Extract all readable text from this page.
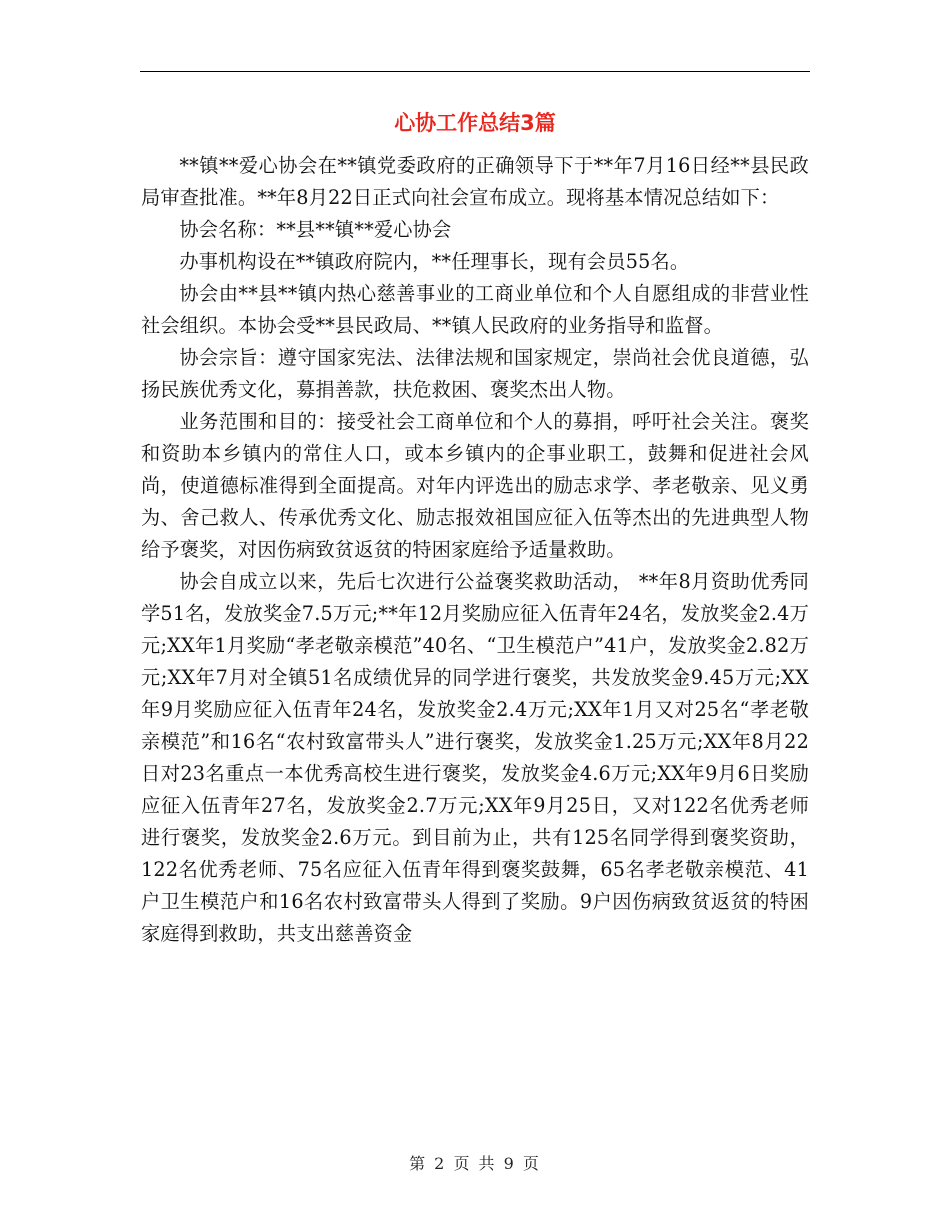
心协工作总结3篇

**镇**爱心协会在**镇党委政府的正确领导下于**年7月16日经**县民政局审查批准。**年8月22日正式向社会宣布成立。现将基本情况总结如下：

协会名称：**县**镇**爱心协会

办事机构设在**镇政府院内，**任理事长，现有会员55名。

协会由**县**镇内热心慈善事业的工商业单位和个人自愿组成的非营业性社会组织。本协会受**县民政局、**镇人民政府的业务指导和监督。

协会宗旨：遵守国家宪法、法律法规和国家规定，崇尚社会优良道德，弘扬民族优秀文化，募捐善款，扶危救困、褒奖杰出人物。

业务范围和目的：接受社会工商单位和个人的募捐，呼吁社会关注。褒奖和资助本乡镇内的常住人口，或本乡镇内的企事业职工，鼓舞和促进社会风尚，使道德标准得到全面提高。对年内评选出的励志求学、孝老敬亲、见义勇为、舍己救人、传承优秀文化、励志报效祖国应征入伍等杰出的先进典型人物给予褒奖，对因伤病致贫返贫的特困家庭给予适量救助。

协会自成立以来，先后七次进行公益褒奖救助活动， **年8月资助优秀同学51名，发放奖金7.5万元;**年12月奖励应征入伍青年24名，发放奖金2.4万元;XX年1月奖励“孝老敬亲模范”40名、“卫生模范户”41户，发放奖金2.82万元;XX年7月对全镇51名成绩优异的同学进行褒奖，共发放奖金9.45万元;XX年9月奖励应征入伍青年24名，发放奖金2.4万元;XX年1月又对25名“孝老敬亲模范”和16名“农村致富带头人”进行褒奖，发放奖金1.25万元;XX年8月22日对23名重点一本优秀高校生进行褒奖，发放奖金4.6万元;XX年9月6日奖励应征入伍青年27名，发放奖金2.7万元;XX年9月25日，又对122名优秀老师进行褒奖，发放奖金2.6万元。到目前为止，共有125名同学得到褒奖资助， 122名优秀老师、75名应征入伍青年得到褒奖鼓舞，65名孝老敬亲模范、41户卫生模范户和16名农村致富带头人得到了奖励。9户因伤病致贫返贫的特困家庭得到救助，共支出慈善资金

第 2 页 共 9 页
